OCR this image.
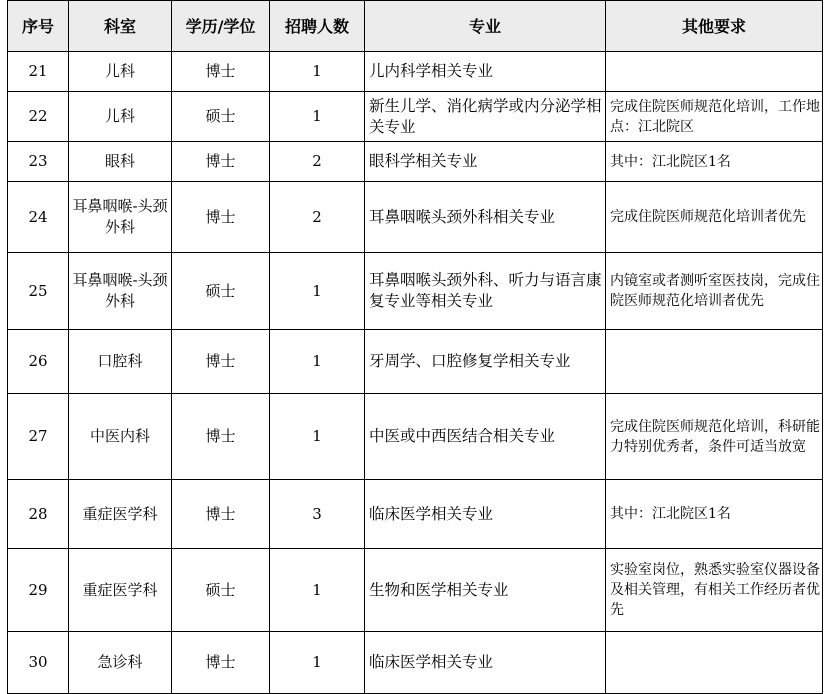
序号	科室	学历/学位	招聘人数	专业	其他要求
21	儿科	博士	1	儿内科学相关专业	
22	儿科	硕士	1	新生儿学、消化病学或内分泌学相关专业	完成住院医师规范化培训，工作地点：江北院区
23	眼科	博士	2	眼科学相关专业	其中：江北院区1名
24	耳鼻咽喉-头颈外科	博士	2	耳鼻咽喉头颈外科相关专业	完成住院医师规范化培训者优先
25	耳鼻咽喉-头颈外科	硕士	1	耳鼻咽喉头颈外科、听力与语言康复专业等相关专业	内镜室或者测听室医技岗，完成住院医师规范化培训者优先
26	口腔科	博士	1	牙周学、口腔修复学相关专业	
27	中医内科	博士	1	中医或中西医结合相关专业	完成住院医师规范化培训，科研能力特别优秀者，条件可适当放宽
28	重症医学科	博士	3	临床医学相关专业	其中：江北院区1名
29	重症医学科	硕士	1	生物和医学相关专业	实验室岗位，熟悉实验室仪器设备及相关管理，有相关工作经历者优先
30	急诊科	博士	1	临床医学相关专业	
